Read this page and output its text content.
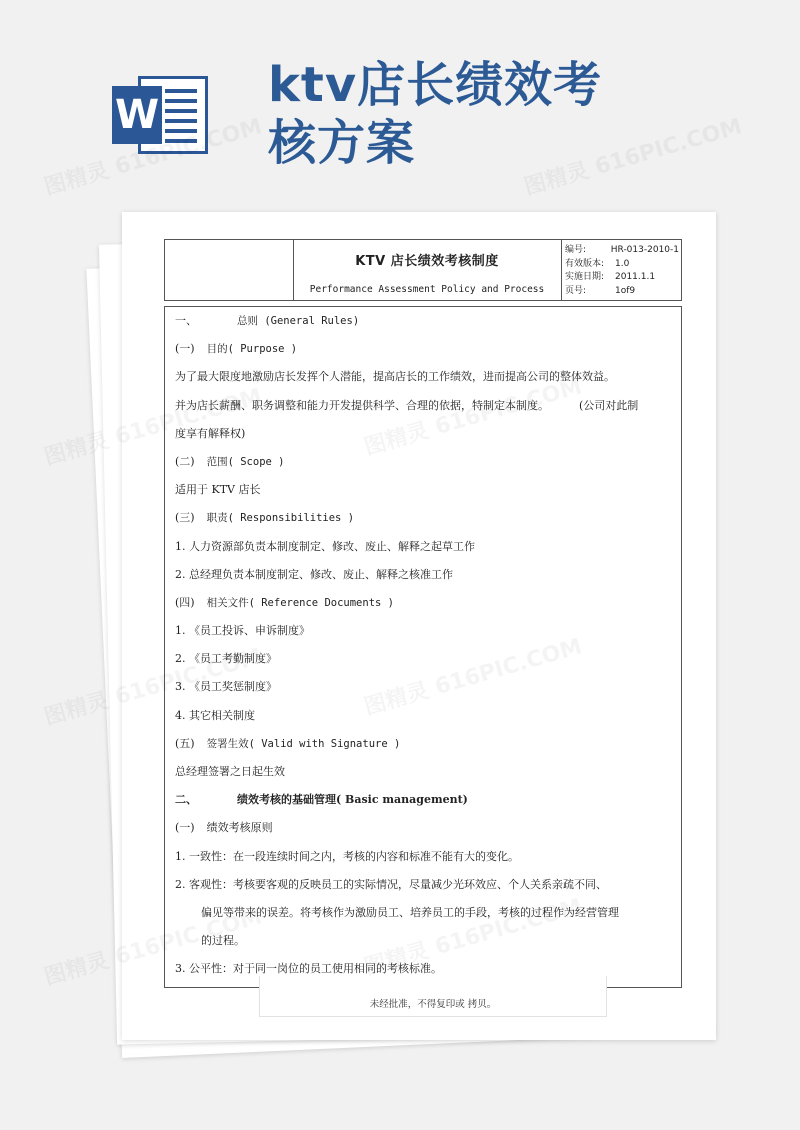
W
ktv店长绩效考核方案
KTV 店长绩效考核制度
Performance Assessment Policy and Process
编号:	HR-013-2010-1
有效版本:	1.0
实施日期:	2011.1.1
页号:	1of9
一、	总则 (General Rules)
(一) 目的( Purpose )
为了最大限度地激励店长发挥个人潜能，提高店长的工作绩效，进而提高公司的整体效益。
并为店长薪酬、职务调整和能力开发提供科学、合理的依据，特制定本制度。	(公司对此制
度享有解释权)
(二) 范围( Scope )
适用于 KTV 店长
(三) 职责( Responsibilities )
1. 人力资源部负责本制度制定、修改、废止、解释之起草工作
2. 总经理负责本制度制定、修改、废止、解释之核准工作
(四) 相关文件( Reference Documents )
1. 《员工投诉、申诉制度》
2. 《员工考勤制度》
3. 《员工奖惩制度》
4. 其它相关制度
(五) 签署生效( Valid with Signature )
总经理签署之日起生效
二、	绩效考核的基础管理( Basic management)
(一) 绩效考核原则
1. 一致性：在一段连续时间之内，考核的内容和标准不能有大的变化。
2. 客观性：考核要客观的反映员工的实际情况，尽量减少光环效应、个人关系亲疏不同、
偏见等带来的误差。将考核作为激励员工、培养员工的手段，考核的过程作为经营管理
的过程。
3. 公平性：对于同一岗位的员工使用相同的考核标准。
未经批准，不得复印或 拷贝。
